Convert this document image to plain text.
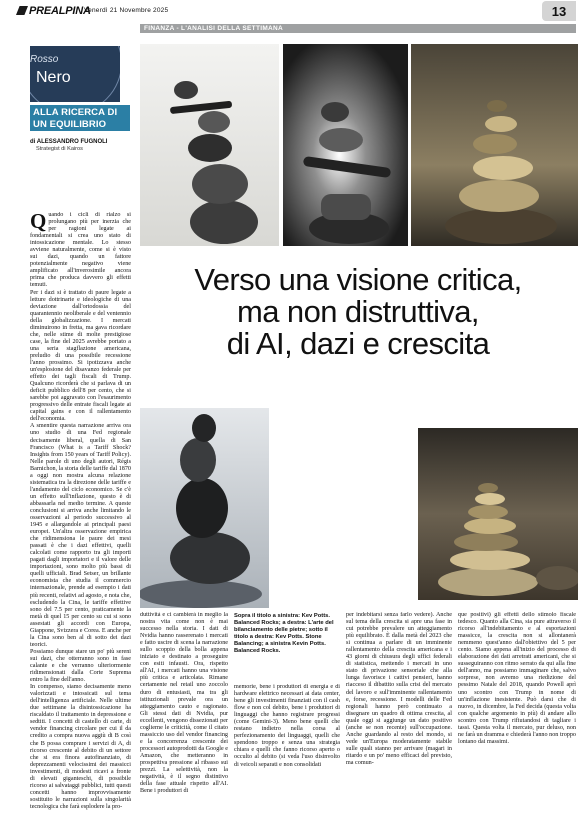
PREALPINA
Venerdì 21 Novembre 2025	13
FINANZA - L'ANALISI DELLA SETTIMANA
Rosso
Nero
ALLA RICERCA DI UN EQUILIBRIO
di ALESSANDRO FUGNOLI
Strategist di Kairos
Q uando i cicli di rialzo si prolungano più per inerzia che per ragioni legate ai fondamentali si crea uno stato di intossicazione mentale. Lo stesso avviene naturalmente, come si è visto sui dazi, quando un fattore potenzialmente negativo viene amplificato all'inverosimile ancora prima che produca davvero gli effetti temuti.

Per i dazi si è trattato di paure legate a letture dottrinarie e ideologiche di una deviazione dall'ortodossia del quarantennio neoliberale e del ventennio della globalizzazione. I mercati diminuirono in fretta, ma gava ricordare che, nelle stime di molte prestigiose case, la fine del 2025 avrebbe portato a una seria stagflazione americana, preludio di una possibile recessione l'anno prossimo. Si ipotizzava anche un'esplosione del disavanzo federale per effetto dei tagli fiscali di Trump. Qualcuno ricorderà che si parlava di un deficit pubblico dell'8 per cento, che si sarebbe poi aggravato con l'esaurimento progressivo delle entrate fiscali legate ai capital gains e con il rallentamento dell'economia.

A smentire questa narrazione arriva ora uno studio di una Fed regionale decisamente liberal, quella di San Francisco (What is a Tariff Shock? Insights from 150 years of Tariff Policy). Nelle parole di uno degli autori, Régis Barnichon, la storia delle tariffe dal 1870 a oggi non mostra alcuna relazione sistematica tra la direzione delle tariffe e l'andamento del ciclo economico. Se c'è un effetto sull'inflazione, questo è di abbassarla nel medio termine. A queste conclusioni si arriva anche limitando le osservazioni al periodo successivo al 1945 e allargandole ai principali paesi europei. Un'altra osservazione empirica che ridimensiona le paure dei mesi passati è che i dazi effettivi, quelli calcolati come rapporto tra gli importi pagati dagli importatori e il valore delle importazioni, sono molto più bassi di quelli ufficiali. Brad Setser, un brillante economista che studia il commercio internazionale, prende ad esempio i dati più recenti, relativi ad agosto, e nota che, escludendo la Cina, le tariffe effettive sono del 7.5 per cento, praticamente la metà di quel 15 per cento su cui si sono assestati gli accordi con Europa, Giappone, Svizzera e Corea. E anche per la Cina sono ben al di sotto dei dazi teorici.

Possiamo dunque stare un po' più sereni sui dazi, che otterranno sono in fase calante e che verranno ulteriormente ridimensionati dalla Corte Suprema entro la fine dell'anno.

In compenso, siamo decisamente meno valorizzati e intossicati sul tema dell'intelligenza artificiale. Nelle ultime due settimane la disintossicazione ha riscaldato il trattamento in depressione e sedtiti. I concetti di castello di carte, di vendor financing circolare per cui il da credito a compra nuova aggiù di B così che B possa comprare i servizi di A, di ricorso crescente al debito di un settore che si era finora autofinanziato, di deprezzamenti velocissimi dei massicci investimenti, di modesti ricavi a fronte di elevati giganteschi, di possibile ricorso ai salvataggi pubblici, tutti questi concetti hanno improvvisamente sostituito le narrazioni sulla singolarità tecnologica che farà esplodere la pro-

Verso una visione critica,
ma non distruttiva,
di AI, dazi e crescita
Sopra il titolo a sinistra: Kev Potts. Balanced Rocks; a destra: L'arte del bilanciamento delle pietre; sotto il titolo a destra: Kev Potts. Stone Balancing; a sinistra Kevin Potts. Balanced Rocks.

duttività e ci cambierà in meglio la nostra vita come non è mai successo nella storia. I dati di Nvidia hanno rasserenato i mercati e fatto uscire di scena la narrazione sullo scoppio della bolla appena iniziato e destinato a proseguire con esiti infausti. Ora, rispetto all'AI, i mercati hanno una visione più critica e articolata. Rimane certamente nel retail uno zoccolo duro di entusiasti, ma tra gli istituzionali prevale ora un atteggiamento cauto e ragionato. Gli stessi dati di Nvidia, pur eccellenti, vengono dissezionati per coglierne le criticità, come il citato massiccio uso del vendor financing e la concorrenza crescente dei processori autoprodotti da Google e Amazon, che metteranno in prospettiva pressione al ribasso sui prezzi. La selettività, non la negatività, è il segno distintivo della fase attuale rispetto all'AI. Bene i produttori di

memorie, bene i produttori di energia e di hardware elettrico necessari ai data center, bene gli investimenti finanziati con il cash flow e non col debito, bene i produttori di linguaggi che hanno registrare progressi (come Gemini-3). Meno bene quelli che restano indietro nella corsa al perfezionamento dei linguaggi, quelli che spendono troppo e senza una strategia chiara e quelli che fanno ricorso aperto o occulto al debito (si veda l'uso disinvolto di veicoli separati e non consolidati

per indebitarsi senza farlo vedere). Anche sul tema della crescita si apre una fase in cui potrebbe prevalere un atteggiamento più equilibrato. È dalla metà del 2023 che si continua a parlare di un imminente rallentamento della crescita americana e i 43 giorni di chiusura degli uffici federali di statistica, mettendo i mercati in uno stato di privazione sensoriale che alla lunga favorisce i cattivi pensieri, hanno riacceso il dibattito sulla crisi del mercato del lavoro e sull'imminente rallentamento e, forse, recessione. I modelli delle Fed regionali hanno però continuato a disegnare un quadro di ottima crescita, al quale oggi si aggiunge un dato positivo (anche se non recente) sull'occupazione. Anche guardando al resto del mondo, si vede un'Europa moderatamente stabile sulle quali stanno per arrivare (magari in ritardo e un po' meno efficaci del previsto, ma comun-

que positivi) gli effetti dello stimolo fiscale tedesco. Quanto alla Cina, sia pure attraverso il ricorso all'indebitamento e al esportazioni massicce, la crescita non si allontanerà nemmeno quest'anno dall'obiettivo del 5 per cento. Siamo appena all'inizio del processo di elaborazione dei dati arretrati americani, che si susseguiranno con ritmo serrato da qui alla fine dell'anno, ma possiamo immaginare che, salvo sorprese, non avremo una riedizione del pessimo Natale del 2018, quando Powell aprì uno scontro con Trump in nome di un'inflazione inesistente. Può darsi che di nuovo, in dicembre, la Fed decida (questa volta con qualche argomento in più) di andare allo scontro con Trump rifiutandosi di tagliare i tassi. Questa volta il mercato, pur deluso, non ne farà un dramma e chiederà l'anno non troppo lontano dai massimi.
